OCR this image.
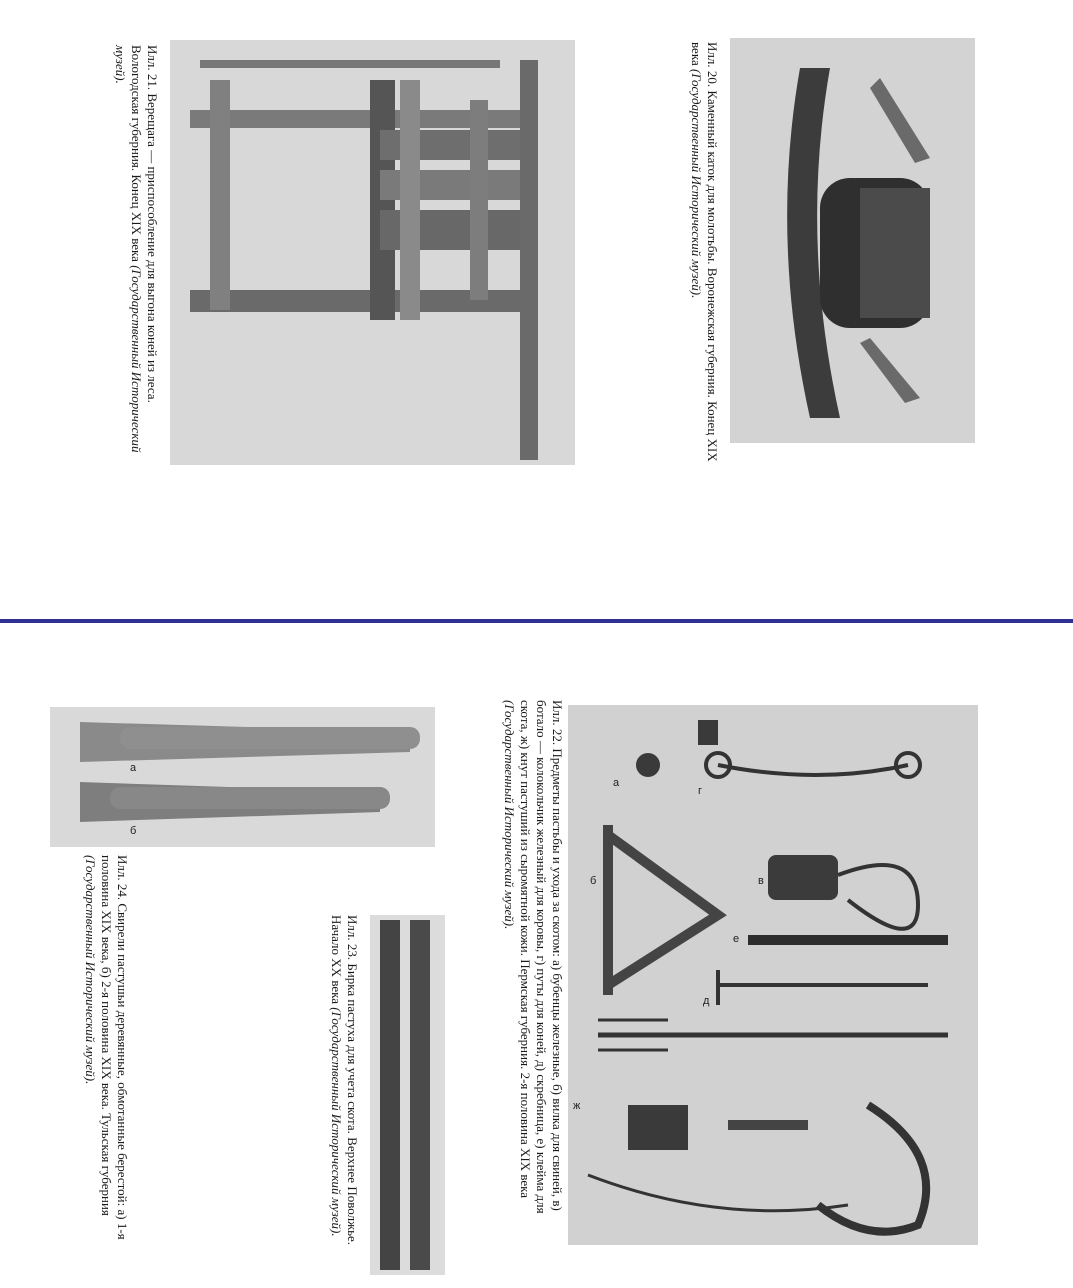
Илл. 21. Верещага — приспособление для выгона коней из леса. Вологодская губерния. Конец XIX века (Государственный Исторический музей).	Илл. 20. Каменный каток для молотьбы. Воронежская губерния. Конец XIX века (Государственный Исторический музей).
а
б	в
г
д
е
ж
Илл. 22. Предметы пастьбы и ухода за скотом: а) бубенцы железные, б) вилка для свиней, в) ботало — колокольчик железный для коровы, г) путы для коней, д) скребница, е) клейма для скота, ж) кнут пастуший из сыромятной кожи. Пермская губерния. 2-я половина XIX века (Государственный Исторический музей).
а
б
Илл. 24. Свирели пастушьи деревянные, обмотанные берестой: а) 1-я половина XIX века, б) 2-я половина XIX века. Тульская губерния (Государственный Исторический музей).	Илл. 23. Бирка пастуха для учета скота. Верхнее Поволжье. Начало XX века (Государственный Исторический музей).
